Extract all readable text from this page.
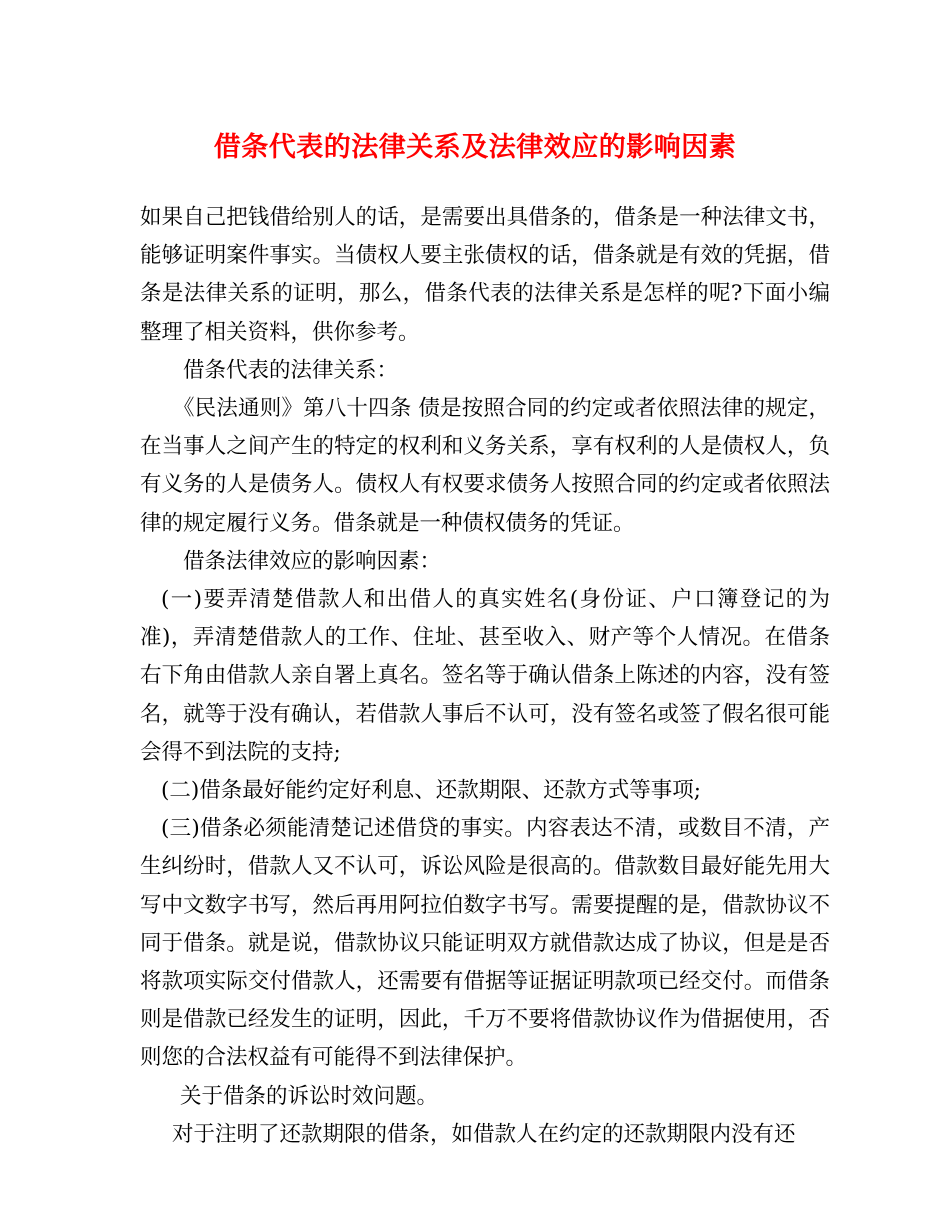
借条代表的法律关系及法律效应的影响因素

如果自己把钱借给别人的话，是需要出具借条的，借条是一种法律文书，能够证明案件事实。当债权人要主张债权的话，借条就是有效的凭据，借条是法律关系的证明，那么，借条代表的法律关系是怎样的呢?下面小编整理了相关资料，供你参考。

借条代表的法律关系：

《民法通则》第八十四条 债是按照合同的约定或者依照法律的规定，在当事人之间产生的特定的权利和义务关系，享有权利的人是债权人，负有义务的人是债务人。债权人有权要求债务人按照合同的约定或者依照法律的规定履行义务。借条就是一种债权债务的凭证。

借条法律效应的影响因素：

(一)要弄清楚借款人和出借人的真实姓名(身份证、户口簿登记的为准)，弄清楚借款人的工作、住址、甚至收入、财产等个人情况。在借条右下角由借款人亲自署上真名。签名等于确认借条上陈述的内容，没有签名，就等于没有确认，若借款人事后不认可，没有签名或签了假名很可能会得不到法院的支持;

(二)借条最好能约定好利息、还款期限、还款方式等事项;

(三)借条必须能清楚记述借贷的事实。内容表达不清，或数目不清，产生纠纷时，借款人又不认可，诉讼风险是很高的。借款数目最好能先用大写中文数字书写，然后再用阿拉伯数字书写。需要提醒的是，借款协议不同于借条。就是说，借款协议只能证明双方就借款达成了协议，但是是否将款项实际交付借款人，还需要有借据等证据证明款项已经交付。而借条则是借款已经发生的证明，因此，千万不要将借款协议作为借据使用，否则您的合法权益有可能得不到法律保护。

关于借条的诉讼时效问题。

对于注明了还款期限的借条，如借款人在约定的还款期限内没有还
